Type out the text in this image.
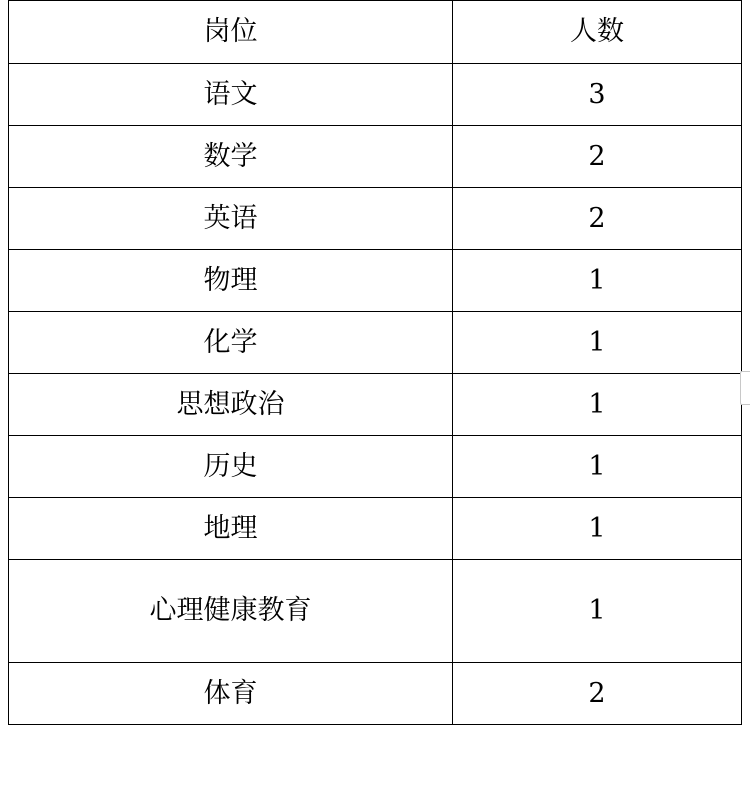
岗位	人数
语文	3
数学	2
英语	2
物理	1
化学	1
思想政治	1
历史	1
地理	1
心理健康教育	1
体育	2
